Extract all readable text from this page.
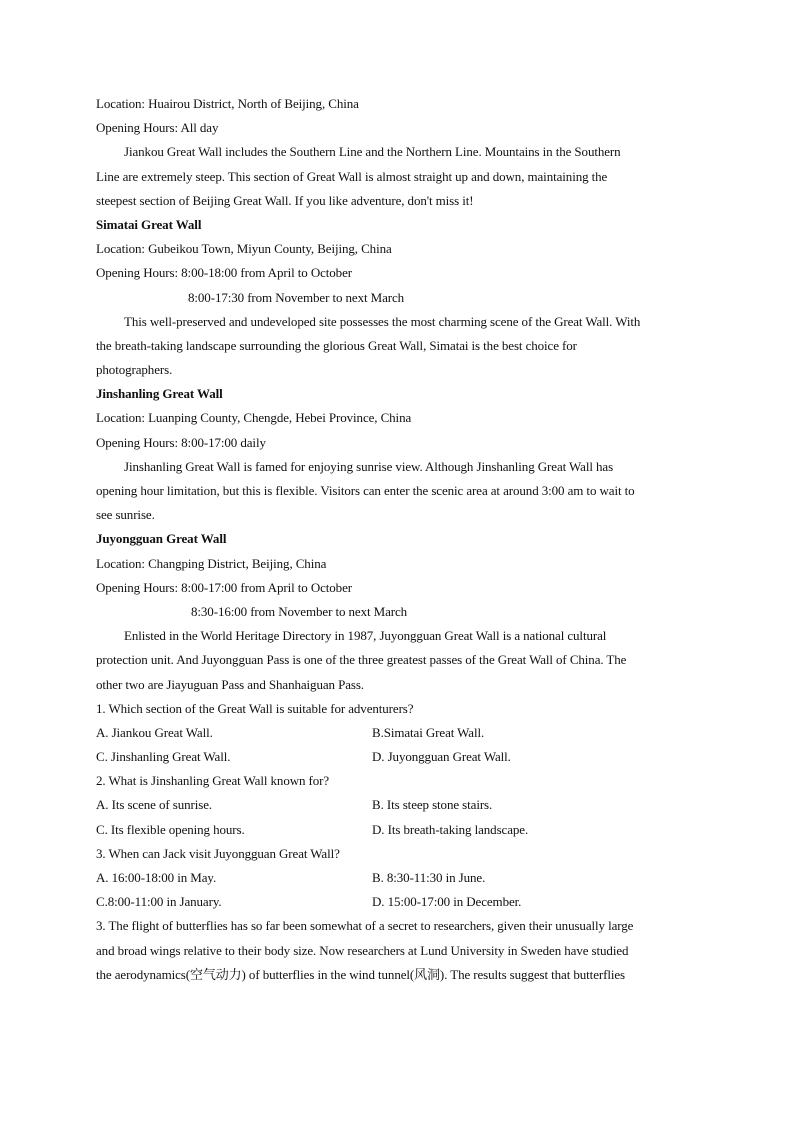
Location: Huairou District, North of Beijing, China
Opening Hours: All day
Jiankou Great Wall includes the Southern Line and the Northern Line. Mountains in the Southern
Line are extremely steep. This section of Great Wall is almost straight up and down, maintaining the
steepest section of Beijing Great Wall. If you like adventure, don't miss it!
Simatai Great Wall
Location: Gubeikou Town, Miyun County, Beijing, China
Opening Hours: 8:00-18:00 from April to October
8:00-17:30 from November to next March
This well-preserved and undeveloped site possesses the most charming scene of the Great Wall. With
the breath-taking landscape surrounding the glorious Great Wall, Simatai is the best choice for
photographers.
Jinshanling Great Wall
Location: Luanping County, Chengde, Hebei Province, China
Opening Hours: 8:00-17:00 daily
Jinshanling Great Wall is famed for enjoying sunrise view. Although Jinshanling Great Wall has
opening hour limitation, but this is flexible. Visitors can enter the scenic area at around 3:00 am to wait to
see sunrise.
Juyongguan Great Wall
Location: Changping District, Beijing, China
Opening Hours: 8:00-17:00 from April to October
8:30-16:00 from November to next March
Enlisted in the World Heritage Directory in 1987, Juyongguan Great Wall is a national cultural
protection unit. And Juyongguan Pass is one of the three greatest passes of the Great Wall of China. The
other two are Jiayuguan Pass and Shanhaiguan Pass.
1. Which section of the Great Wall is suitable for adventurers?
A. Jiankou Great Wall.	B.Simatai Great Wall.
C. Jinshanling Great Wall.	D. Juyongguan Great Wall.
2. What is Jinshanling Great Wall known for?
A. Its scene of sunrise.	B. Its steep stone stairs.
C. Its flexible opening hours.	D. Its breath-taking landscape.
3. When can Jack visit Juyongguan Great Wall?
A. 16:00-18:00 in May.	B. 8:30-11:30 in June.
C.8:00-11:00 in January.	D. 15:00-17:00 in December.
3. The flight of butterflies has so far been somewhat of a secret to researchers, given their unusually large
and broad wings relative to their body size. Now researchers at Lund University in Sweden have studied
the aerodynamics(空气动力) of butterflies in the wind tunnel(风洞). The results suggest that butterflies
